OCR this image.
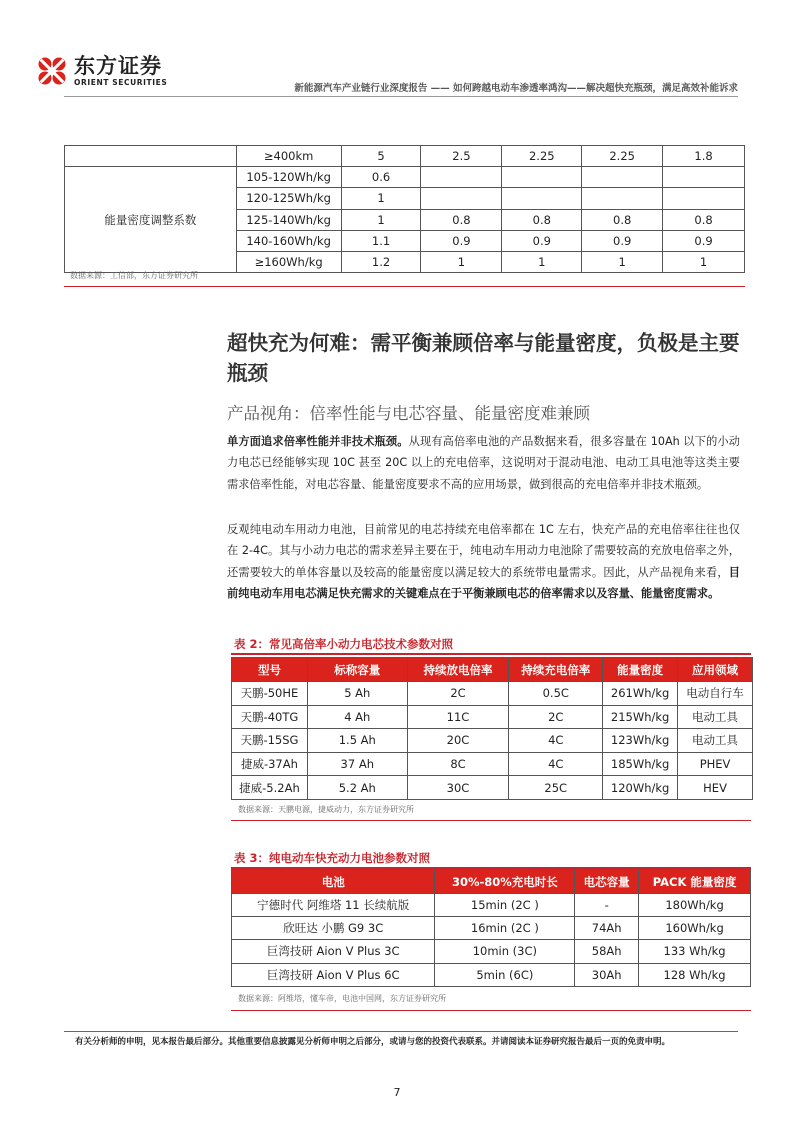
东方证券
ORIENT SECURITIES
新能源汽车产业链行业深度报告 —— 如何跨越电动车渗透率鸿沟——解决超快充瓶颈，满足高效补能诉求
	≥400km	5	2.5	2.25	2.25	1.8
能量密度调整系数	105-120Wh/kg	0.6				
	120-125Wh/kg	1				
	125-140Wh/kg	1	0.8	0.8	0.8	0.8
	140-160Wh/kg	1.1	0.9	0.9	0.9	0.9
	≥160Wh/kg	1.2	1	1	1	1
数据来源：工信部，东方证券研究所
超快充为何难：需平衡兼顾倍率与能量密度，负极是主要瓶颈
产品视角：倍率性能与电芯容量、能量密度难兼顾
单方面追求倍率性能并非技术瓶颈。从现有高倍率电池的产品数据来看，很多容量在 10Ah 以下的小动力电芯已经能够实现 10C 甚至 20C 以上的充电倍率，这说明对于混动电池、电动工具电池等这类主要需求倍率性能，对电芯容量、能量密度要求不高的应用场景，做到很高的充电倍率并非技术瓶颈。
反观纯电动车用动力电池，目前常见的电芯持续充电倍率都在 1C 左右，快充产品的充电倍率往往也仅在 2-4C。其与小动力电芯的需求差异主要在于，纯电动车用动力电池除了需要较高的充放电倍率之外，还需要较大的单体容量以及较高的能量密度以满足较大的系统带电量需求。因此，从产品视角来看，目前纯电动车用电芯满足快充需求的关键难点在于平衡兼顾电芯的倍率需求以及容量、能量密度需求。
表 2：常见高倍率小动力电芯技术参数对照
型号	标称容量	持续放电倍率	持续充电倍率	能量密度	应用领域
天鹏-50HE	5 Ah	2C	0.5C	261Wh/kg	电动自行车
天鹏-40TG	4 Ah	11C	2C	215Wh/kg	电动工具
天鹏-15SG	1.5 Ah	20C	4C	123Wh/kg	电动工具
捷威-37Ah	37 Ah	8C	4C	185Wh/kg	PHEV
捷威-5.2Ah	5.2 Ah	30C	25C	120Wh/kg	HEV
数据来源：天鹏电源，捷威动力，东方证券研究所
表 3：纯电动车快充动力电池参数对照
电池	30%-80%充电时长	电芯容量	PACK 能量密度
宁德时代 阿维塔 11 长续航版	15min (2C )	-	180Wh/kg
欣旺达 小鹏 G9 3C	16min (2C )	74Ah	160Wh/kg
巨湾技研 Aion V Plus 3C	10min (3C)	58Ah	133 Wh/kg
巨湾技研 Aion V Plus 6C	5min (6C)	30Ah	128 Wh/kg
数据来源：阿维塔，懂车帝，电池中国网，东方证券研究所
有关分析师的申明，见本报告最后部分。其他重要信息披露见分析师申明之后部分，或请与您的投资代表联系。并请阅读本证券研究报告最后一页的免责申明。
7
